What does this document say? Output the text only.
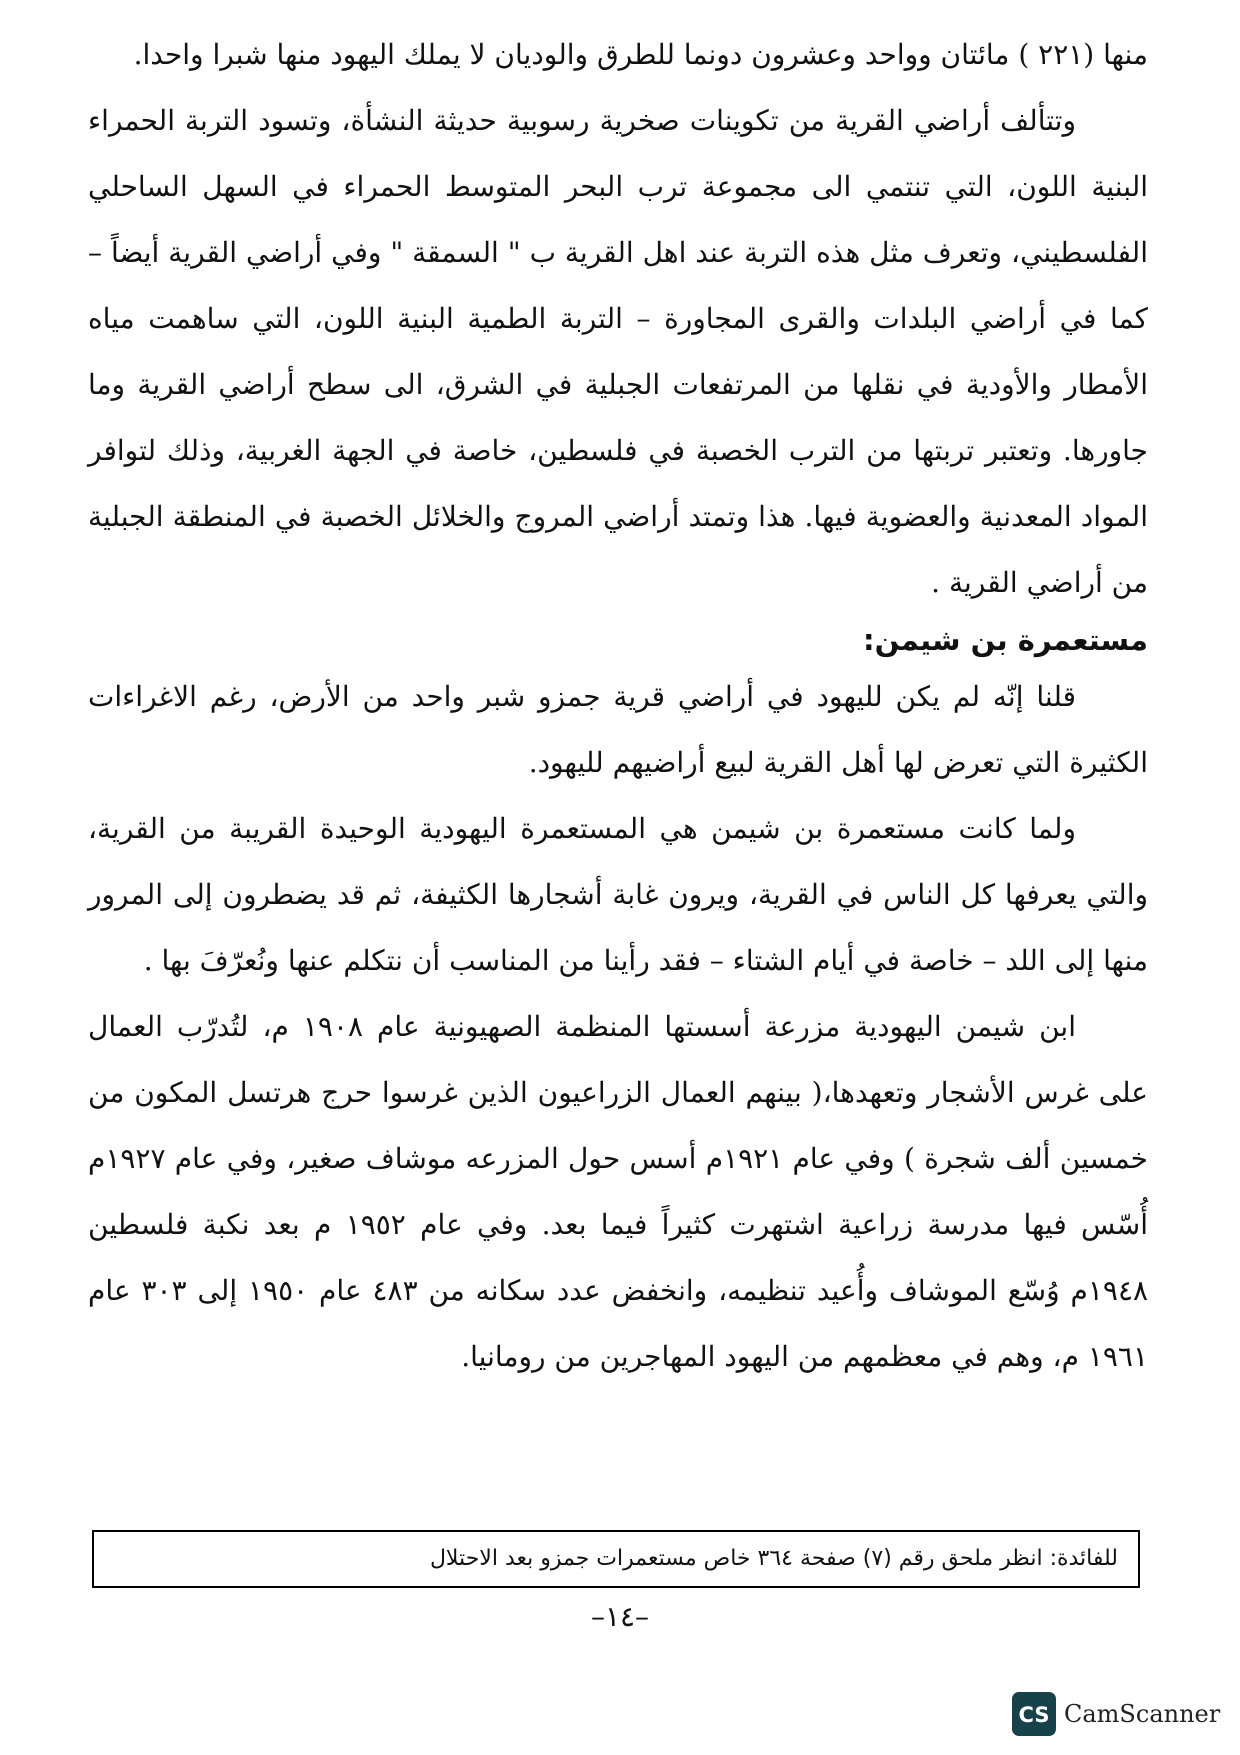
منها (٢٢١ ) مائتان وواحد وعشرون دونما للطرق والوديان لا يملك اليهود منها شبرا واحدا.

وتتألف أراضي القرية من تكوينات صخرية رسوبية حديثة النشأة، وتسود التربة الحمراء البنية اللون، التي تنتمي الى مجموعة ترب البحر المتوسط الحمراء في السهل الساحلي الفلسطيني، وتعرف مثل هذه التربة عند اهل القرية ب " السمقة " وفي أراضي القرية أيضاً – كما في أراضي البلدات والقرى المجاورة – التربة الطمية البنية اللون، التي ساهمت مياه الأمطار والأودية في نقلها من المرتفعات الجبلية في الشرق، الى سطح أراضي القرية وما جاورها. وتعتبر تربتها من الترب الخصبة في فلسطين، خاصة في الجهة الغربية، وذلك لتوافر المواد المعدنية والعضوية فيها. هذا وتمتد أراضي المروج والخلائل الخصبة في المنطقة الجبلية من أراضي القرية .

مستعمرة بن شيمن:

قلنا إنّه لم يكن لليهود في أراضي قرية جمزو شبر واحد من الأرض، رغم الاغراءات الكثيرة التي تعرض لها أهل القرية لبيع أراضيهم لليهود.

ولما كانت مستعمرة بن شيمن هي المستعمرة اليهودية الوحيدة القريبة من القرية، والتي يعرفها كل الناس في القرية، ويرون غابة أشجارها الكثيفة، ثم قد يضطرون إلى المرور منها إلى اللد – خاصة في أيام الشتاء – فقد رأينا من المناسب أن نتكلم عنها ونُعرّفَ بها .

ابن شيمن اليهودية مزرعة أسستها المنظمة الصهيونية عام ١٩٠٨ م، لتُدرّب العمال على غرس الأشجار وتعهدها،( بينهم العمال الزراعيون الذين غرسوا حرج هرتسل المكون من خمسين ألف شجرة ) وفي عام ١٩٢١م أسس حول المزرعه موشاف صغير، وفي عام ١٩٢٧م أُسّس فيها مدرسة زراعية اشتهرت كثيراً فيما بعد. وفي عام ١٩٥٢ م بعد نكبة فلسطين ١٩٤٨م وُسّع الموشاف وأُعيد تنظيمه، وانخفض عدد سكانه من ٤٨٣ عام ١٩٥٠ إلى ٣٠٣ عام ١٩٦١ م، وهم في معظمهم من اليهود المهاجرين من رومانيا.

للفائدة: انظر ملحق رقم (٧) صفحة ٣٦٤ خاص مستعمرات جمزو بعد الاحتلال
–١٤–
CS CamScanner
